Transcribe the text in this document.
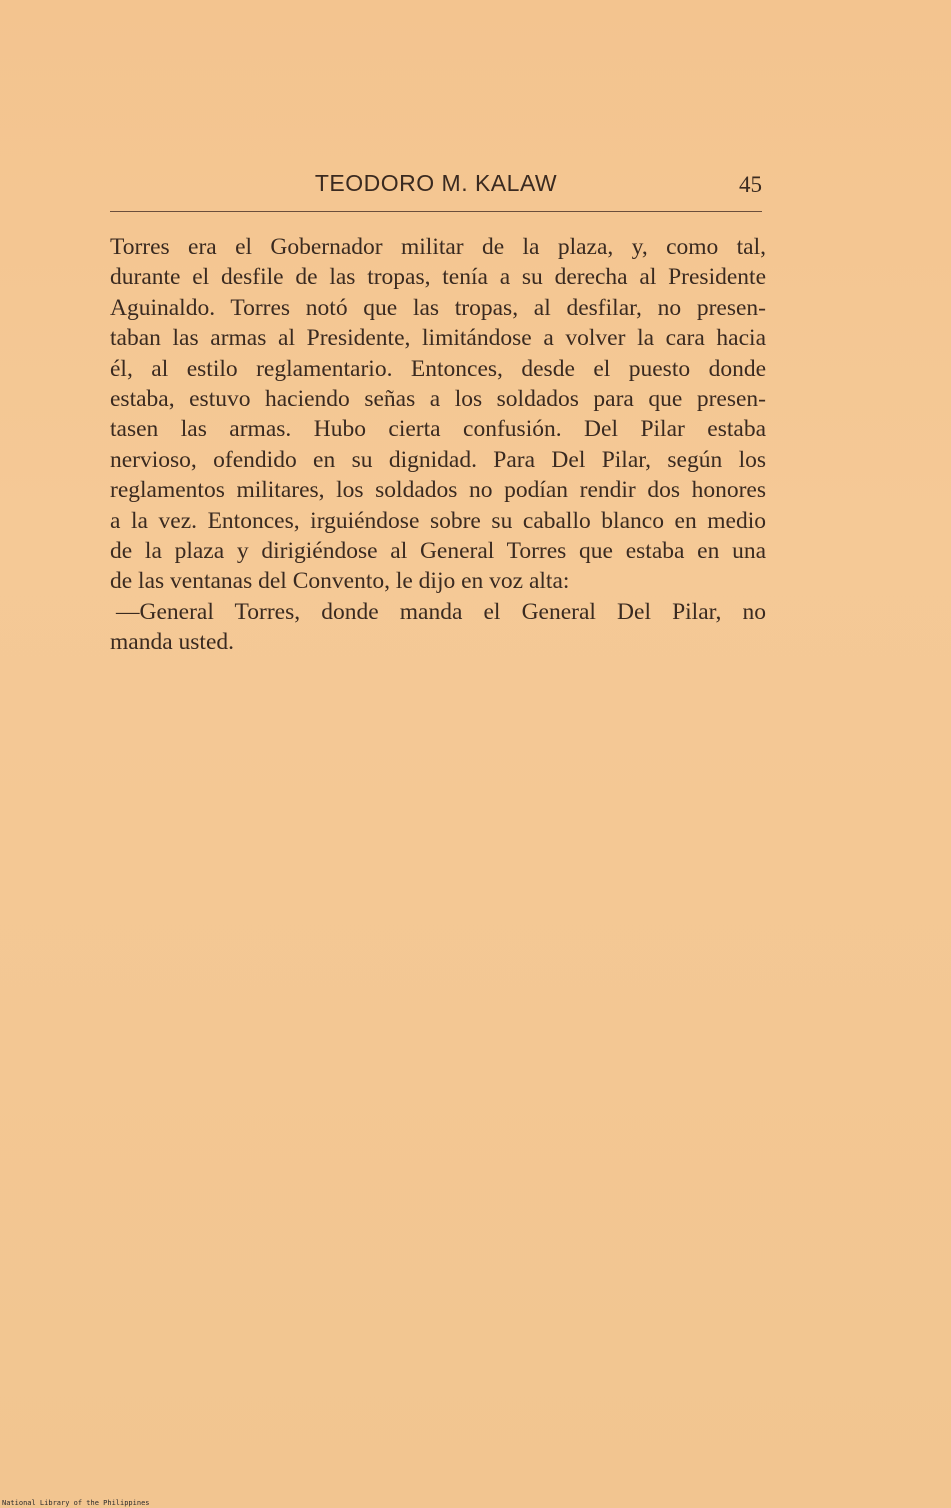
TEODORO M. KALAW	45

Torres era el Gobernador militar de la plaza, y, como tal,

durante el desfile de las tropas, tenía a su derecha al Presidente

Aguinaldo. Torres notó que las tropas, al desfilar, no presen-

taban las armas al Presidente, limitándose a volver la cara hacia

él, al estilo reglamentario. Entonces, desde el puesto donde

estaba, estuvo haciendo señas a los soldados para que presen-

tasen las armas. Hubo cierta confusión. Del Pilar estaba

nervioso, ofendido en su dignidad. Para Del Pilar, según los

reglamentos militares, los soldados no podían rendir dos honores

a la vez. Entonces, irguiéndose sobre su caballo blanco en medio

de la plaza y dirigiéndose al General Torres que estaba en una

de las ventanas del Convento, le dijo en voz alta:

—General Torres, donde manda el General Del Pilar, no

manda usted.

National Library of the Philippines
